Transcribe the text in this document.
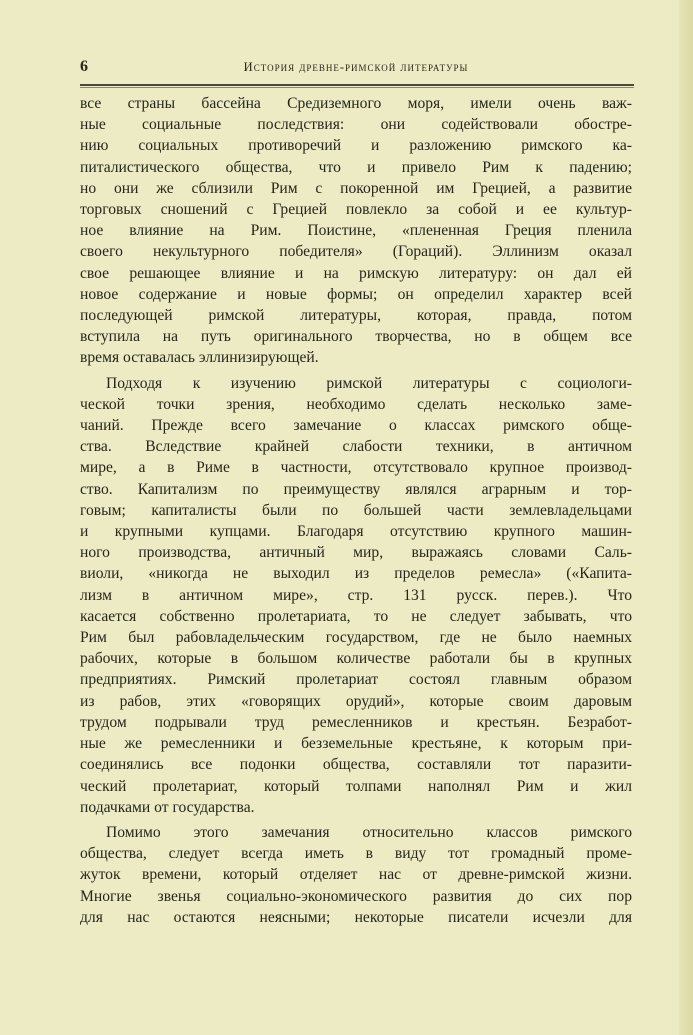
6	История древне-римской литературы
все страны бассейна Средиземного моря, имели очень важ-
ные социальные последствия: они содействовали обостре-
нию социальных противоречий и разложению римского ка-
питалистического общества, что и привело Рим к падению;
но они же сблизили Рим с покоренной им Грецией, а развитие
торговых сношений с Грецией повлекло за собой и ее культур-
ное влияние на Рим. Поистине, «плененная Греция пленила
своего некультурного победителя» (Гораций). Эллинизм оказал
свое решающее влияние и на римскую литературу: он дал ей
новое содержание и новые формы; он определил характер всей
последующей римской литературы, которая, правда, потом
вступила на путь оригинального творчества, но в общем все
время оставалась эллинизирующей.
Подходя к изучению римской литературы с социологи-
ческой точки зрения, необходимо сделать несколько заме-
чаний. Прежде всего замечание о классах римского обще-
ства. Вследствие крайней слабости техники, в античном
мире, а в Риме в частности, отсутствовало крупное производ-
ство. Капитализм по преимуществу являлся аграрным и тор-
говым; капиталисты были по большей части землевладельцами
и крупными купцами. Благодаря отсутствию крупного машин-
ного производства, античный мир, выражаясь словами Саль-
виоли, «никогда не выходил из пределов ремесла» («Капита-
лизм в античном мире», стр. 131 русск. перев.). Что
касается собственно пролетариата, то не следует забывать, что
Рим был рабовладельческим государством, где не было наемных
рабочих, которые в большом количестве работали бы в крупных
предприятиях. Римский пролетариат состоял главным образом
из рабов, этих «говорящих орудий», которые своим даровым
трудом подрывали труд ремесленников и крестьян. Безработ-
ные же ремесленники и безземельные крестьяне, к которым при-
соединялись все подонки общества, составляли тот паразити-
ческий пролетариат, который толпами наполнял Рим и жил
подачками от государства.
Помимо этого замечания относительно классов римского
общества, следует всегда иметь в виду тот громадный проме-
жуток времени, который отделяет нас от древне-римской жизни.
Многие звенья социально-экономического развития до сих пор
для нас остаются неясными; некоторые писатели исчезли для
